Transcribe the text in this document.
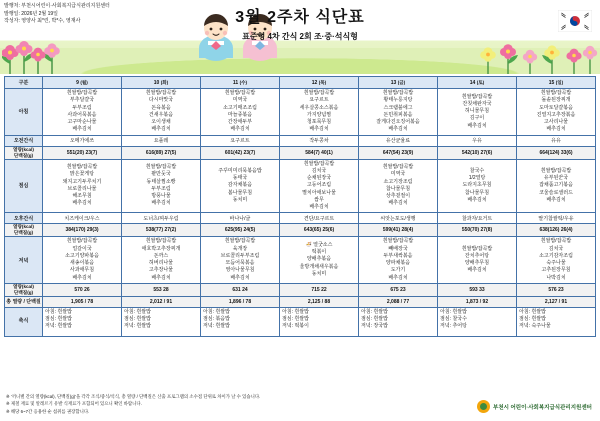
발행처: 부천시어린이·사회복지급식관리지원센터
발행일: 2026년 2월 19일
작성자: 영양사 최*린, 박*수, 영재사	3월 2주차 식단표
표준형 4차 간식 2회 조·중·석식형
구분	9 (월)	10 (화)	11 (수)	12 (목)	13 (금)	14 (토)	15 (일)
아침	흰쌀밥/잡곡밥
부추달걀국
두부조림
사과어묵볶음
고구마순나물
배추김치	흰쌀밥/잡곡밥
다시마맛국
돈육볶음
건새우볶음
오이생채
배추김치	흰쌀밥/잡곡밥
미역국
소고기매조조림
마늘종볶음
간장애두부
배추김치	흰쌀밥/잡곡밥
요구르트
세우살콩소스볶음
가지양념찜
청포묵무침
배추김치	흰쌀밥/잡곡밥
황태누룽지탕
스크램블에그
돈민취피볶음
잘게다진오징어볶음
배추김치	흰쌀밥/잡곡밥
잔칫채완자국
허니물무침
김구이
배추김치	흰쌀밥/잡곡밥
돌솥된장찌개
도마토달걀볶음
진열지고추장볶음
고사리나물
배추김치
오전간식	오메가에쓰	요플레	요구르트	작두콩차	유산균율료	우유	유유
열량(kcal)
단백질(g)	551(20) 23(7)	616(89) 27(5)	601(42) 23(7)	584(7) 40(1)	647(54) 23(9)	542(10) 27(6)	664(124) 33(6)
점심	흰쌀밥/잡곡밥
맑은꽃게탕
돼지고기두루치기
브로콜리나물
해조무침
배추김치	흰쌀밥/잡곡밥
팥만둣국
동태살찜소빵
두부조림
방풍나물
배추김치	주꾸미미리묵볶음밥
동태국
감자채볶음
봄나물무침
동치미	흰쌀밥/잡곡밥
김치국
순채된장국
고등어조림
멸치아애보나물
쌈무
배추김치	흰쌀밥/잡곡밥
미역국
소고기장조림
찹나물무침
상추겉절이
배추김치	찰국수
1/2열탕
도라지초무침
참나물무침
배추김치	흰쌀밥/잡곡밥
유부된꾼국
잡채품고기볶음
코울슬로샐러드
배추김치
오후간식	치즈케이크/우스	도너츠/찌두우림	바나나/굴	견단/요구르트	씨앗는포도/생행	찰과자/요거트	딸기찹쌀떡/우유
열량(kcal)
단백질(g)	384(170) 29(3)	538(77) 27(2)	625(95) 24(5)	643(65) 25(6)	599(41) 28(4)	550(70) 27(8)	638(126) 26(4)
저녁	흰쌀밥/잡곡밥
얼갈이국
소고기양파볶음
새송이볶음
사과애무침
배추김치	흰쌀밥/잡곡밥
애호박고추장찌개
돈까스
허버리나물
고추장나물
배추김치	흰쌀밥/잡곡밥
육개장
브로콜리두부조림
모듬어묵볶음
영아나물무침
배추김치	🍜 열굿소스
떡볶이
양배추볶음
울방개채새우볶음
동치미	흰쌀밥/잡곡밥
빼배장국
두부새싹볶음
양파채볶음
도가기
배추김치	흰쌀밥/잡곡밥
잔치추어탕
양배추무침
배추김치	흰쌀밥/잡곡밥
김치국
소고기감자조림
숙주나물
고추된장무침
나박김치
열량(kcal)
단백질(g)	570 26	553 28	631 24	715 22	675 23	593 33	576 23
총 열량 / 단백질	1,905 / 78	2,012 / 91	1,896 / 78	2,125 / 88	2,088 / 77	1,873 / 92	2,127 / 91
축식	아침: 흰쌀밥
점심: 흰쌀밥
저녁: 흰쌀밥	아침: 흰쌀밥
점심: 흰쌀밥
저녁: 흰쌀밥	아침: 흰쌀밥
점심: 볶음밥
저녁: 흰쌀밥	아침: 흰쌀밥
점심: 흰쌀밥
저녁: 떡볶이	아침: 흰쌀밥
점심: 흰쌀밥
저녁: 장국밥	아침: 흰쌀밥
점심: 찰국수
저녁: 추어탕	아침: 흰쌀밥
점심: 흰쌀밥
저녁: 숙주나물
※ '끼니별 간의 열량(kcal), 단백질(g)'을 각각 조식/중식/석식, 총 열량 / 단백질은 산출 프로그램의 소수점 단위로 차이가 날 수 있습니다.
※ 제철 재료 및 알레르기 유발 식재료가 포함되어 있으니 확인 바랍니다.
※ 해당 6~7간 응용한 순 섭취를 권장합니다.
부천시 어린이·사회복지급식관리지원센터
